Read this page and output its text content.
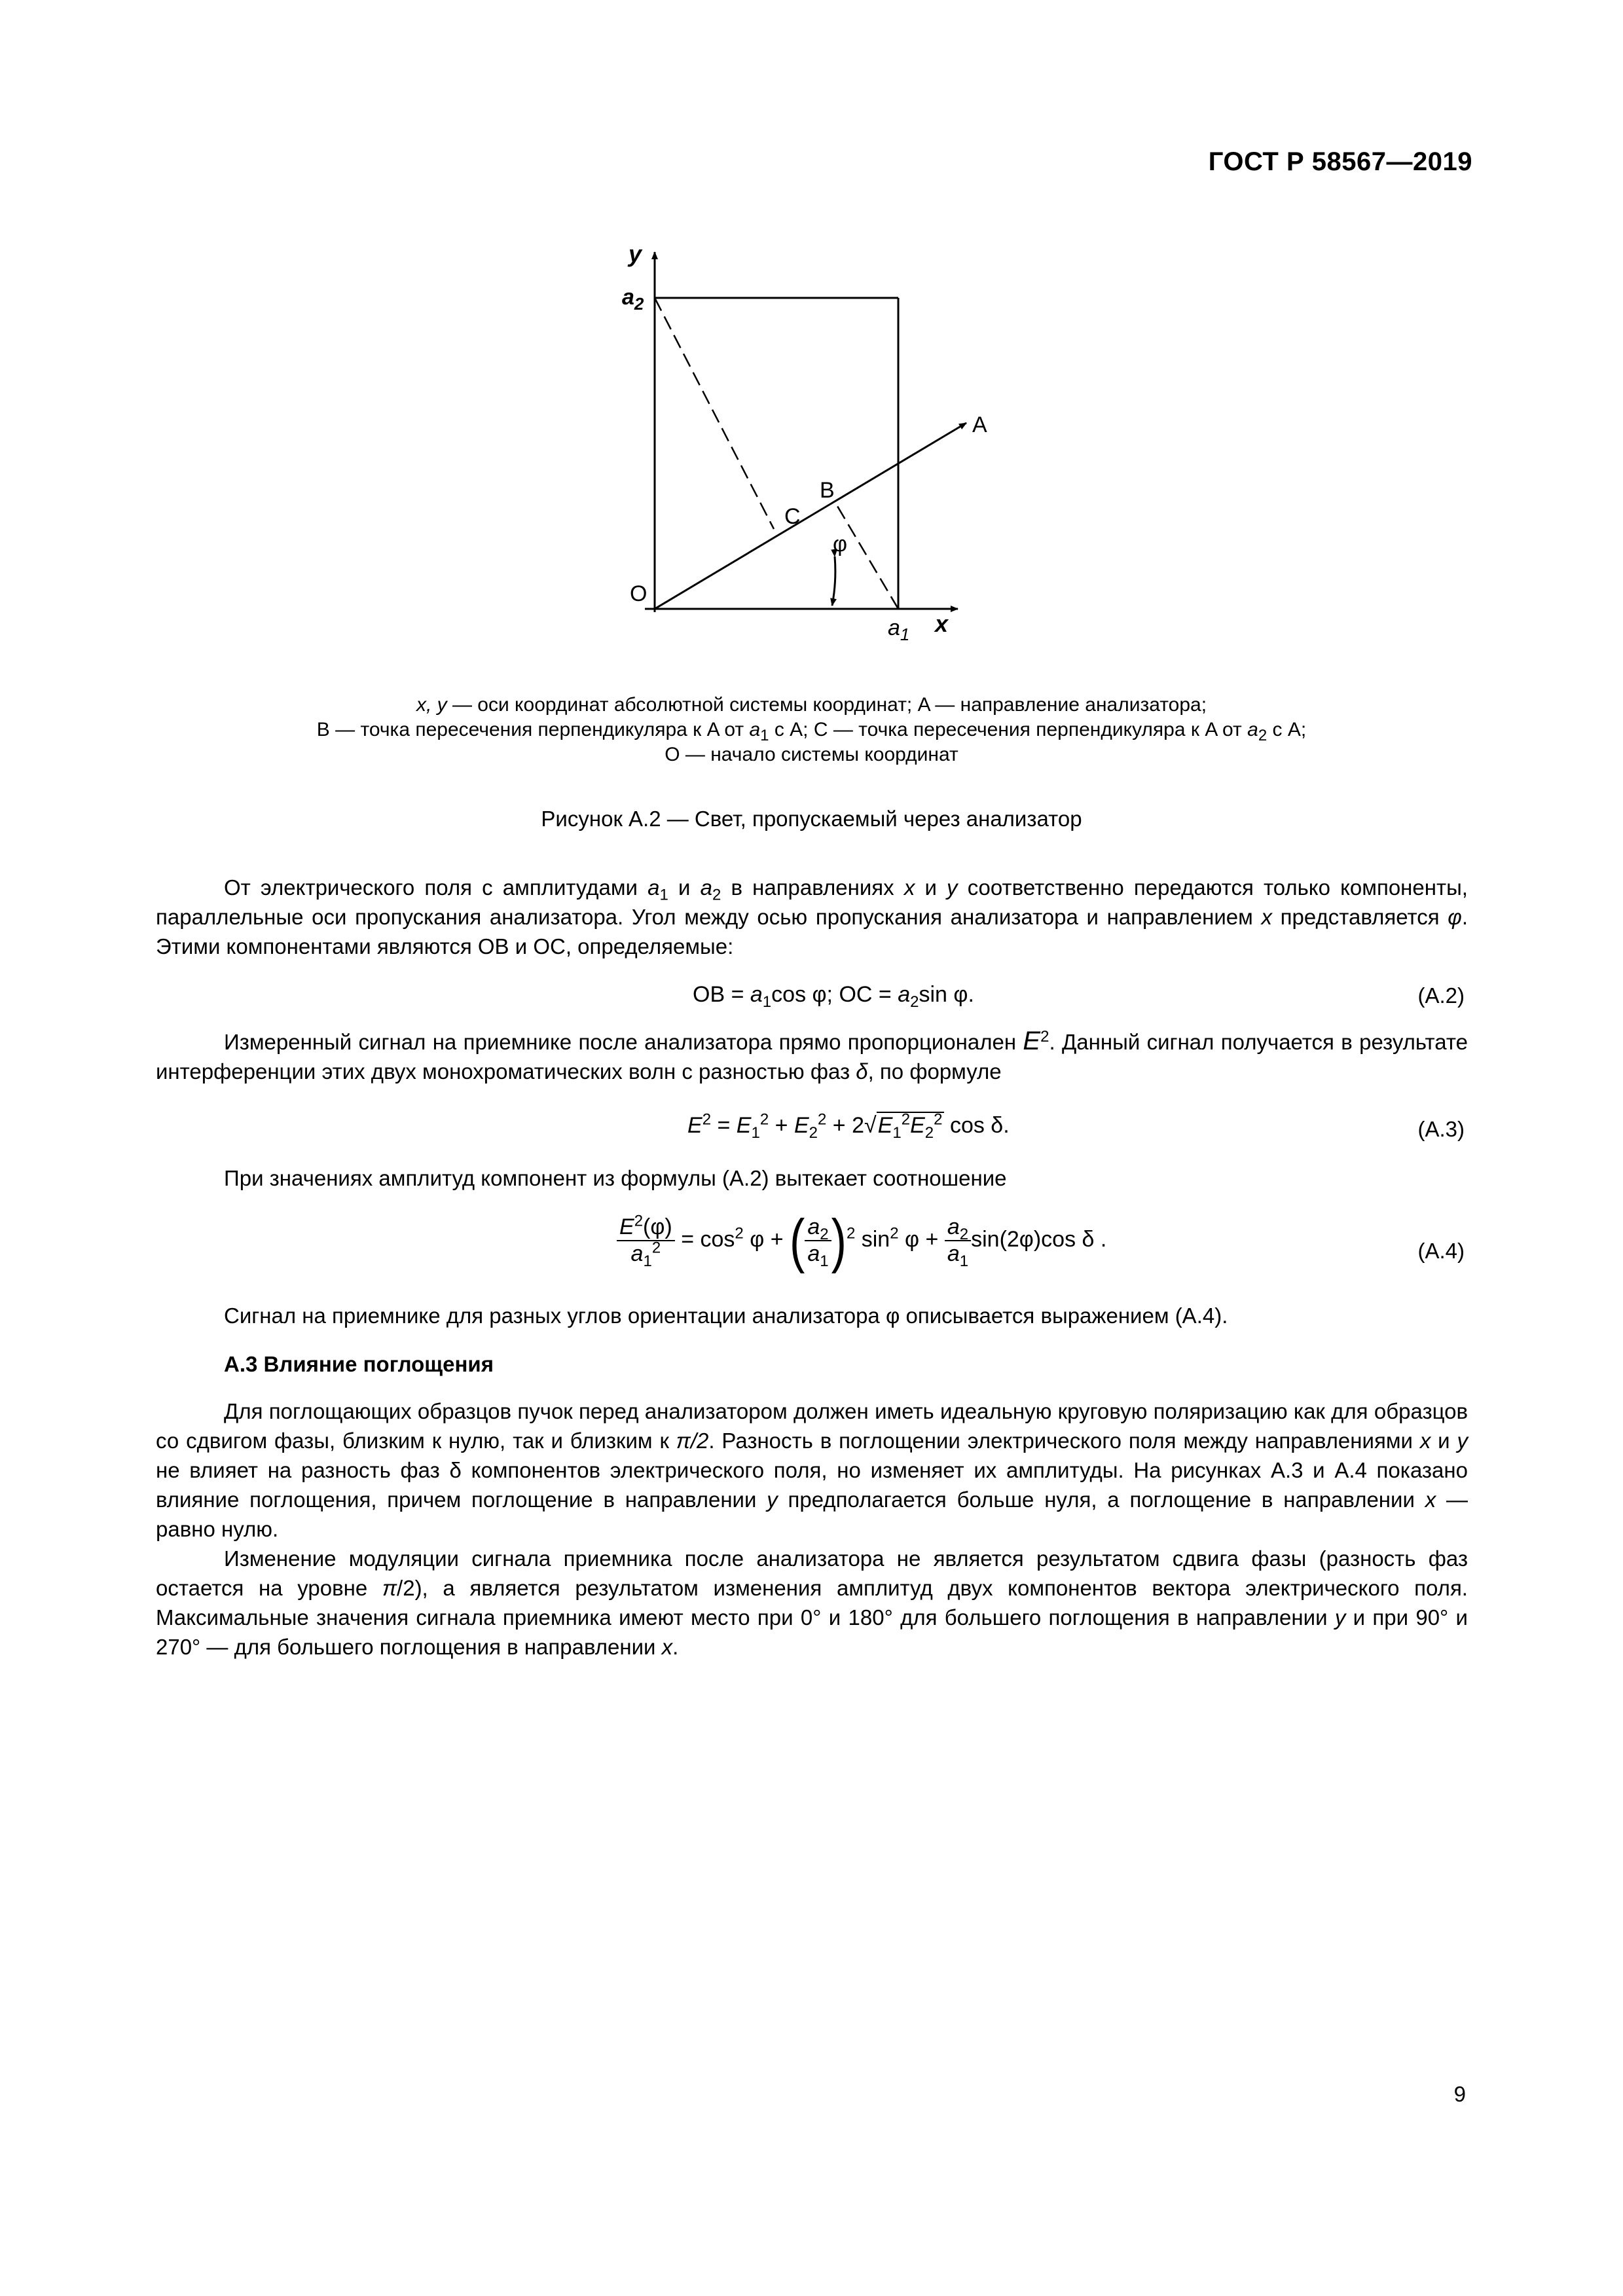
ГОСТ Р 58567—2019
y
$a_2$
A
B
C
φ
O
$a_1$ x
x, y — оси координат абсолютной системы координат; A — направление анализатора;
B — точка пересечения перпендикуляра к A от $a_1$ с A; C — точка пересечения перпендикуляра к A от $a_2$ с A;
O — начало системы координат
Рисунок А.2 — Свет, пропускаемый через анализатор

От электрического поля с амплитудами $a_1$ и $a_2$ в направлениях x и y соответственно передаются только компоненты, параллельные оси пропускания анализатора. Угол между осью пропускания анализатора и направлением x представляется φ. Этими компонентами являются OB и OC, определяемые:

OB = $a_1\cos$ φ; OC = $a_2\sin$ φ.	(A.2)

Измеренный сигнал на приемнике после анализатора прямо пропорционален $E^2$. Данный сигнал получается в результате интерференции этих двух монохроматических волн с разностью фаз δ, по формуле

$E^2 = E_1^2 + E_2^2 + 2√E_1^2E_2^2$ cos δ.	(A.3)

При значениях амплитуд компонент из формулы (A.2) вытекает соотношение

$\frac{E^2(\varphi)}{a_1^2} = \cos^2 \varphi$ + ( $\frac{a_2}{a_1} )^2$ $\sin^2 \varphi + \frac{a_2}{a_1} \sin(2\varphi)\cos$ δ .	(A.4)

Сигнал на приемнике для разных углов ориентации анализатора φ описывается выражением (A.4).

А.3 Влияние поглощения

Для поглощающих образцов пучок перед анализатором должен иметь идеальную круговую поляризацию как для образцов со сдвигом фазы, близким к нулю, так и близким к π/2. Разность в поглощении электрического поля между направлениями x и y не влияет на разность фаз δ компонентов электрического поля, но изменяет их амплитуды. На рисунках А.3 и А.4 показано влияние поглощения, причем поглощение в направлении y предполагается больше нуля, а поглощение в направлении x — равно нулю.

Изменение модуляции сигнала приемника после анализатора не является результатом сдвига фазы (разность фаз остается на уровне π/2), а является результатом изменения амплитуд двух компонентов вектора электрического поля. Максимальные значения сигнала приемника имеют место при 0° и 180° для большего поглощения в направлении y и при 90° и 270° — для большего поглощения в направлении x.

9
